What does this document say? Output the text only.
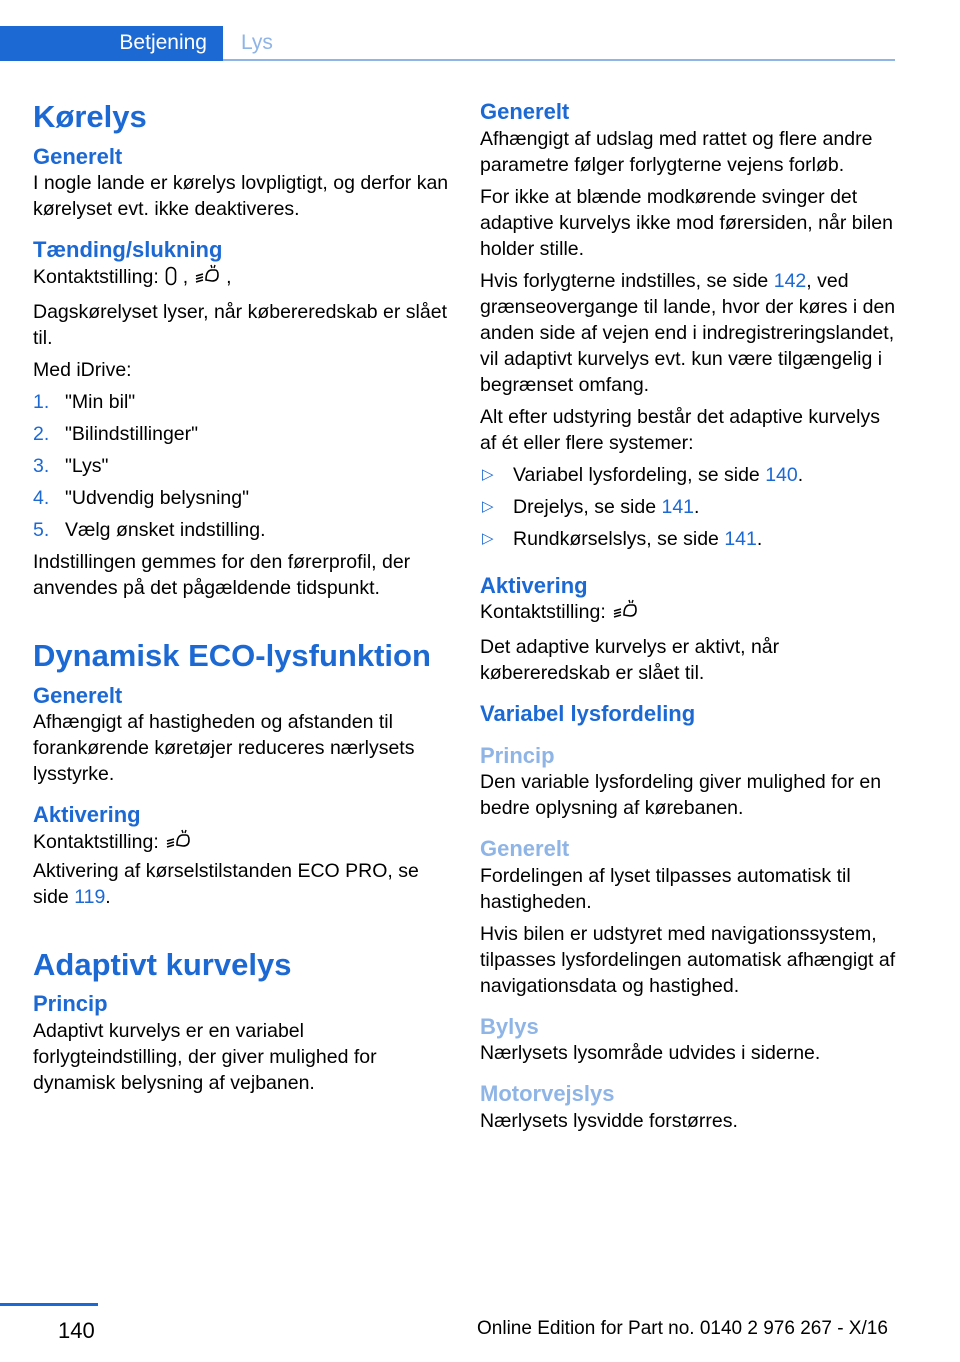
Betjening Lys
Kørelys
Generelt

I nogle lande er kørelys lovpligtigt, og derfor kan kørelyset evt. ikke deaktiveres.

Tænding/slukning

Kontaktstilling: , ,

Dagskørelyset lyser, når købereredskab er slået til.

Med iDrive:

1. "Min bil"
2. "Bilindstillinger"
3. "Lys"
4. "Udvendig belysning"
5. Vælg ønsket indstilling.

Indstillingen gemmes for den førerprofil, der anvendes på det pågældende tidspunkt.

Dynamisk ECO-lysfunktion
Generelt

Afhængigt af hastigheden og afstanden til forankørende køretøjer reduceres nærlysets lysstyrke.

Aktivering

Kontaktstilling:

Aktivering af kørselstilstanden ECO PRO, se side 119.

Adaptivt kurvelys
Princip

Adaptivt kurvelys er en variabel forlygteindstilling, der giver mulighed for dynamisk belysning af vejbanen.

Generelt

Afhængigt af udslag med rattet og flere andre parametre følger forlygterne vejens forløb.

For ikke at blænde modkørende svinger det adaptive kurvelys ikke mod førersiden, når bilen holder stille.

Hvis forlygterne indstilles, se side 142, ved grænseovergange til lande, hvor der køres i den anden side af vejen end i indregistreringslandet, vil adaptivt kurvelys evt. kun være tilgængelig i begrænset omfang.

Alt efter udstyring består det adaptive kurvelys af ét eller flere systemer:

▷ Variabel lysfordeling, se side 140.
▷ Drejelys, se side 141.
▷ Rundkørselslys, se side 141.
Aktivering

Kontaktstilling:

Det adaptive kurvelys er aktivt, når købereredskab er slået til.

Variabel lysfordeling
Princip

Den variable lysfordeling giver mulighed for en bedre oplysning af kørebanen.

Generelt

Fordelingen af lyset tilpasses automatisk til hastigheden.

Hvis bilen er udstyret med navigationssystem, tilpasses lysfordelingen automatisk afhængigt af navigationsdata og hastighed.

Bylys

Nærlysets lysområde udvides i siderne.

Motorvejslys

Nærlysets lysvidde forstørres.

140	Online Edition for Part no. 0140 2 976 267 - X/16
